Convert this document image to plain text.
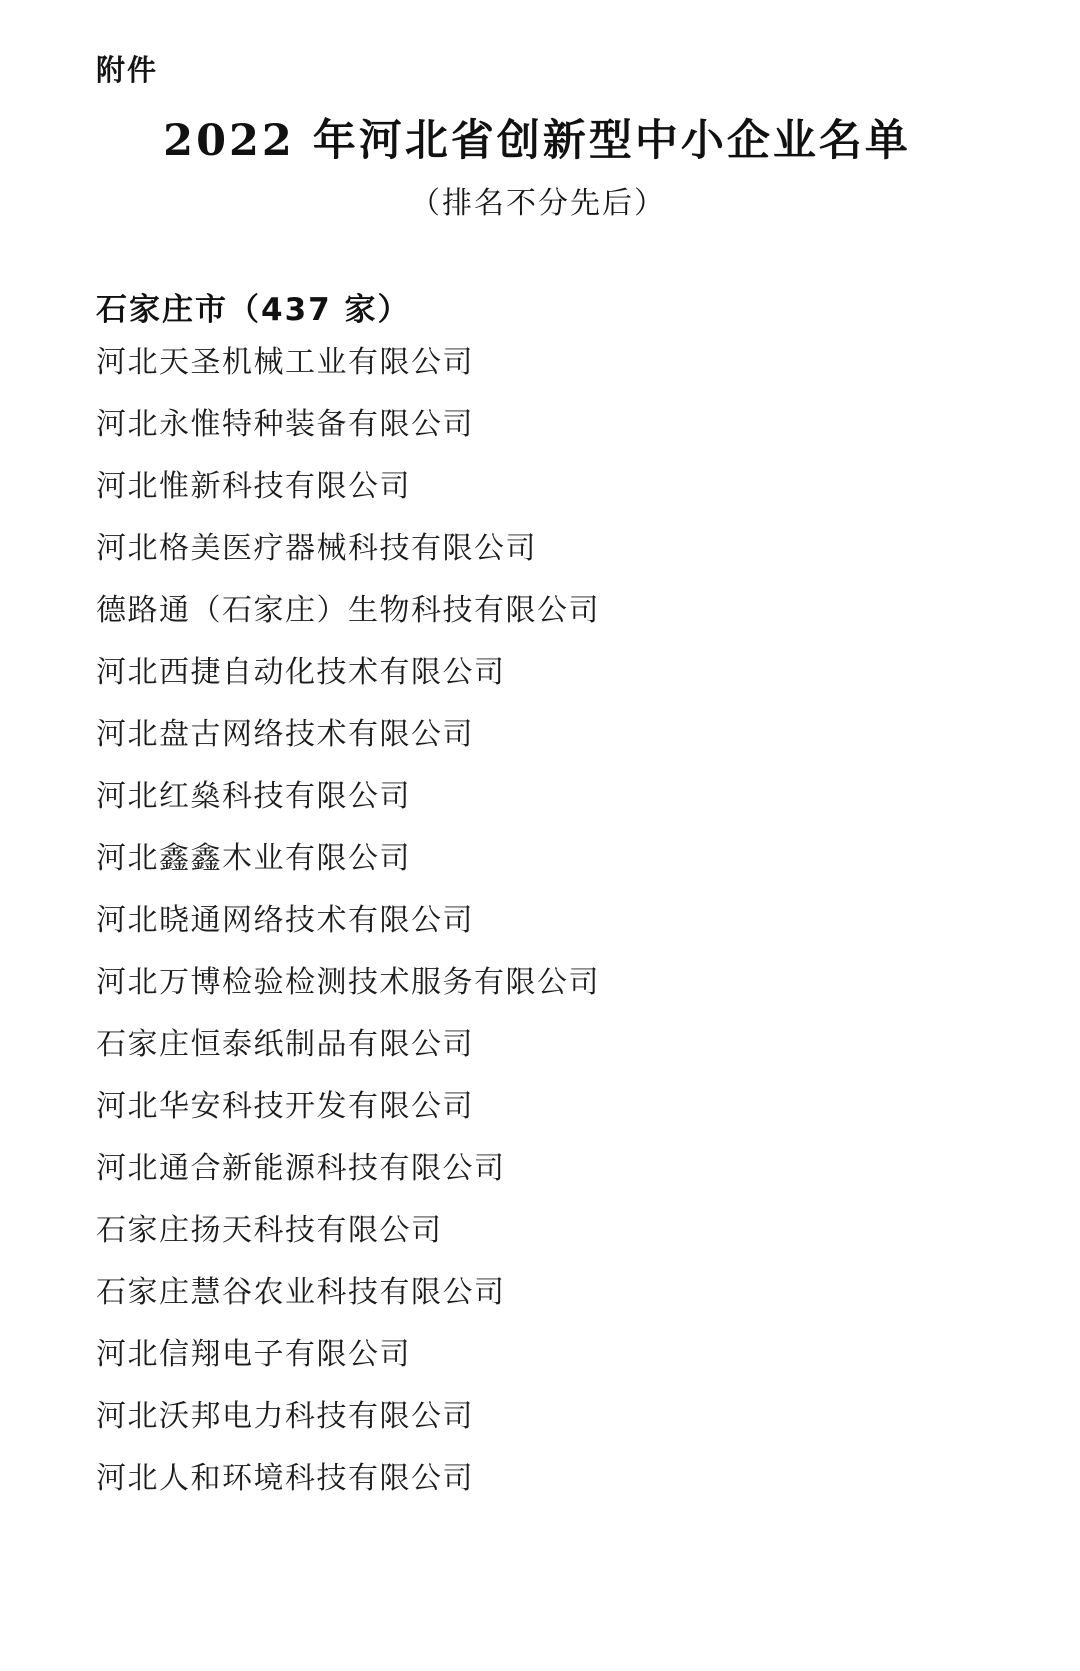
附件
2022 年河北省创新型中小企业名单
（排名不分先后）
石家庄市（437 家）
河北天圣机械工业有限公司
河北永惟特种装备有限公司
河北惟新科技有限公司
河北格美医疗器械科技有限公司
德路通（石家庄）生物科技有限公司
河北西捷自动化技术有限公司
河北盘古网络技术有限公司
河北红燊科技有限公司
河北鑫鑫木业有限公司
河北晓通网络技术有限公司
河北万博检验检测技术服务有限公司
石家庄恒泰纸制品有限公司
河北华安科技开发有限公司
河北通合新能源科技有限公司
石家庄扬天科技有限公司
石家庄慧谷农业科技有限公司
河北信翔电子有限公司
河北沃邦电力科技有限公司
河北人和环境科技有限公司
